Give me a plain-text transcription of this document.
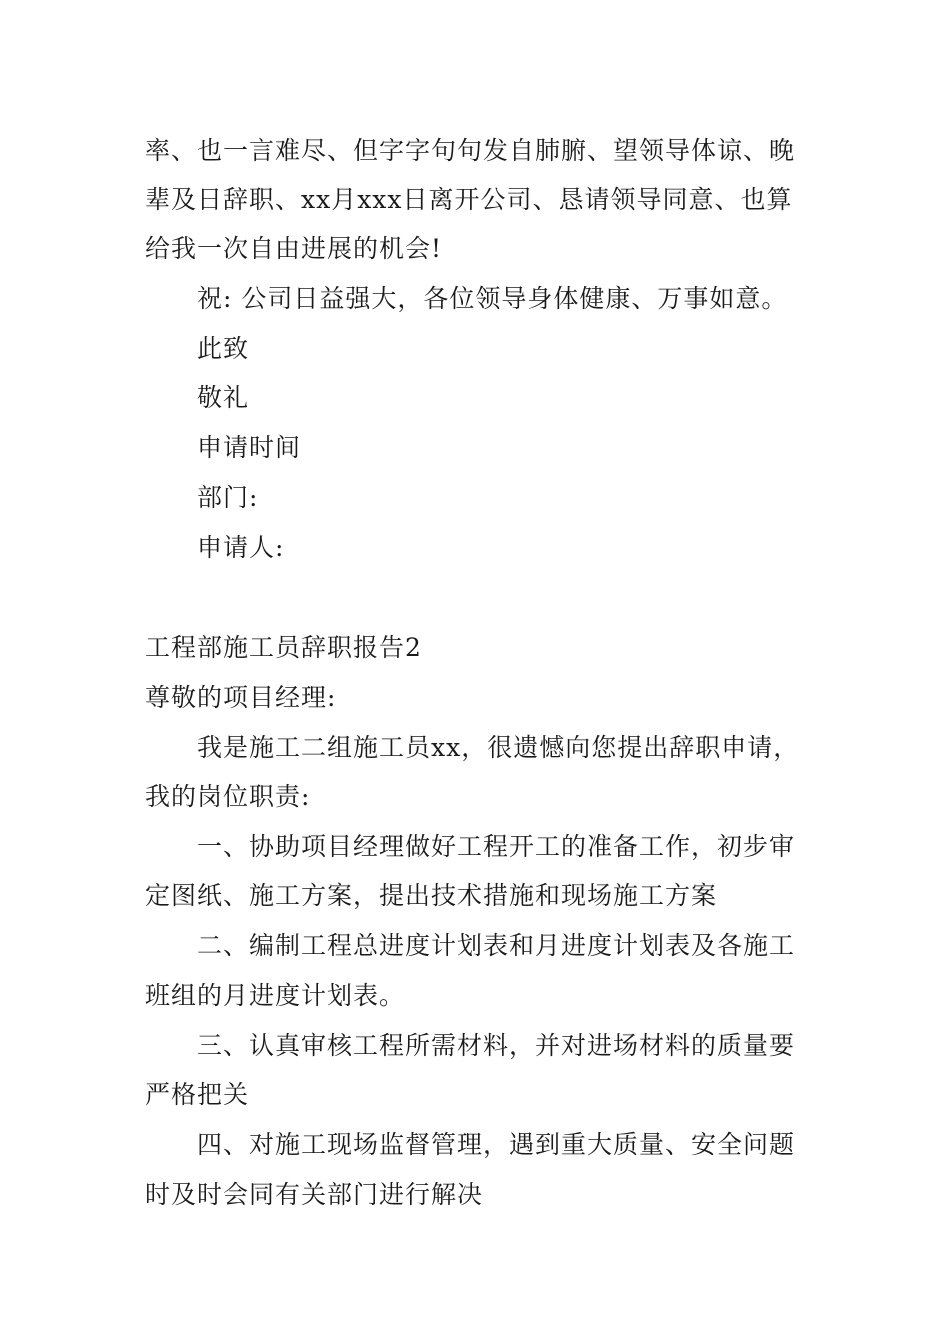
率、也一言难尽、但字字句句发自肺腑、望领导体谅、晚
辈及日辞职、xx月xxx日离开公司、恳请领导同意、也算
给我一次自由进展的机会!
祝: 公司日益强大，各位领导身体健康、万事如意。
此致
敬礼
申请时间
部门:
申请人:
工程部施工员辞职报告2
尊敬的项目经理:
我是施工二组施工员xx，很遗憾向您提出辞职申请，
我的岗位职责:
一、协助项目经理做好工程开工的准备工作，初步审
定图纸、施工方案，提出技术措施和现场施工方案
二、编制工程总进度计划表和月进度计划表及各施工
班组的月进度计划表。
三、认真审核工程所需材料，并对进场材料的质量要
严格把关
四、对施工现场监督管理，遇到重大质量、安全问题
时及时会同有关部门进行解决
